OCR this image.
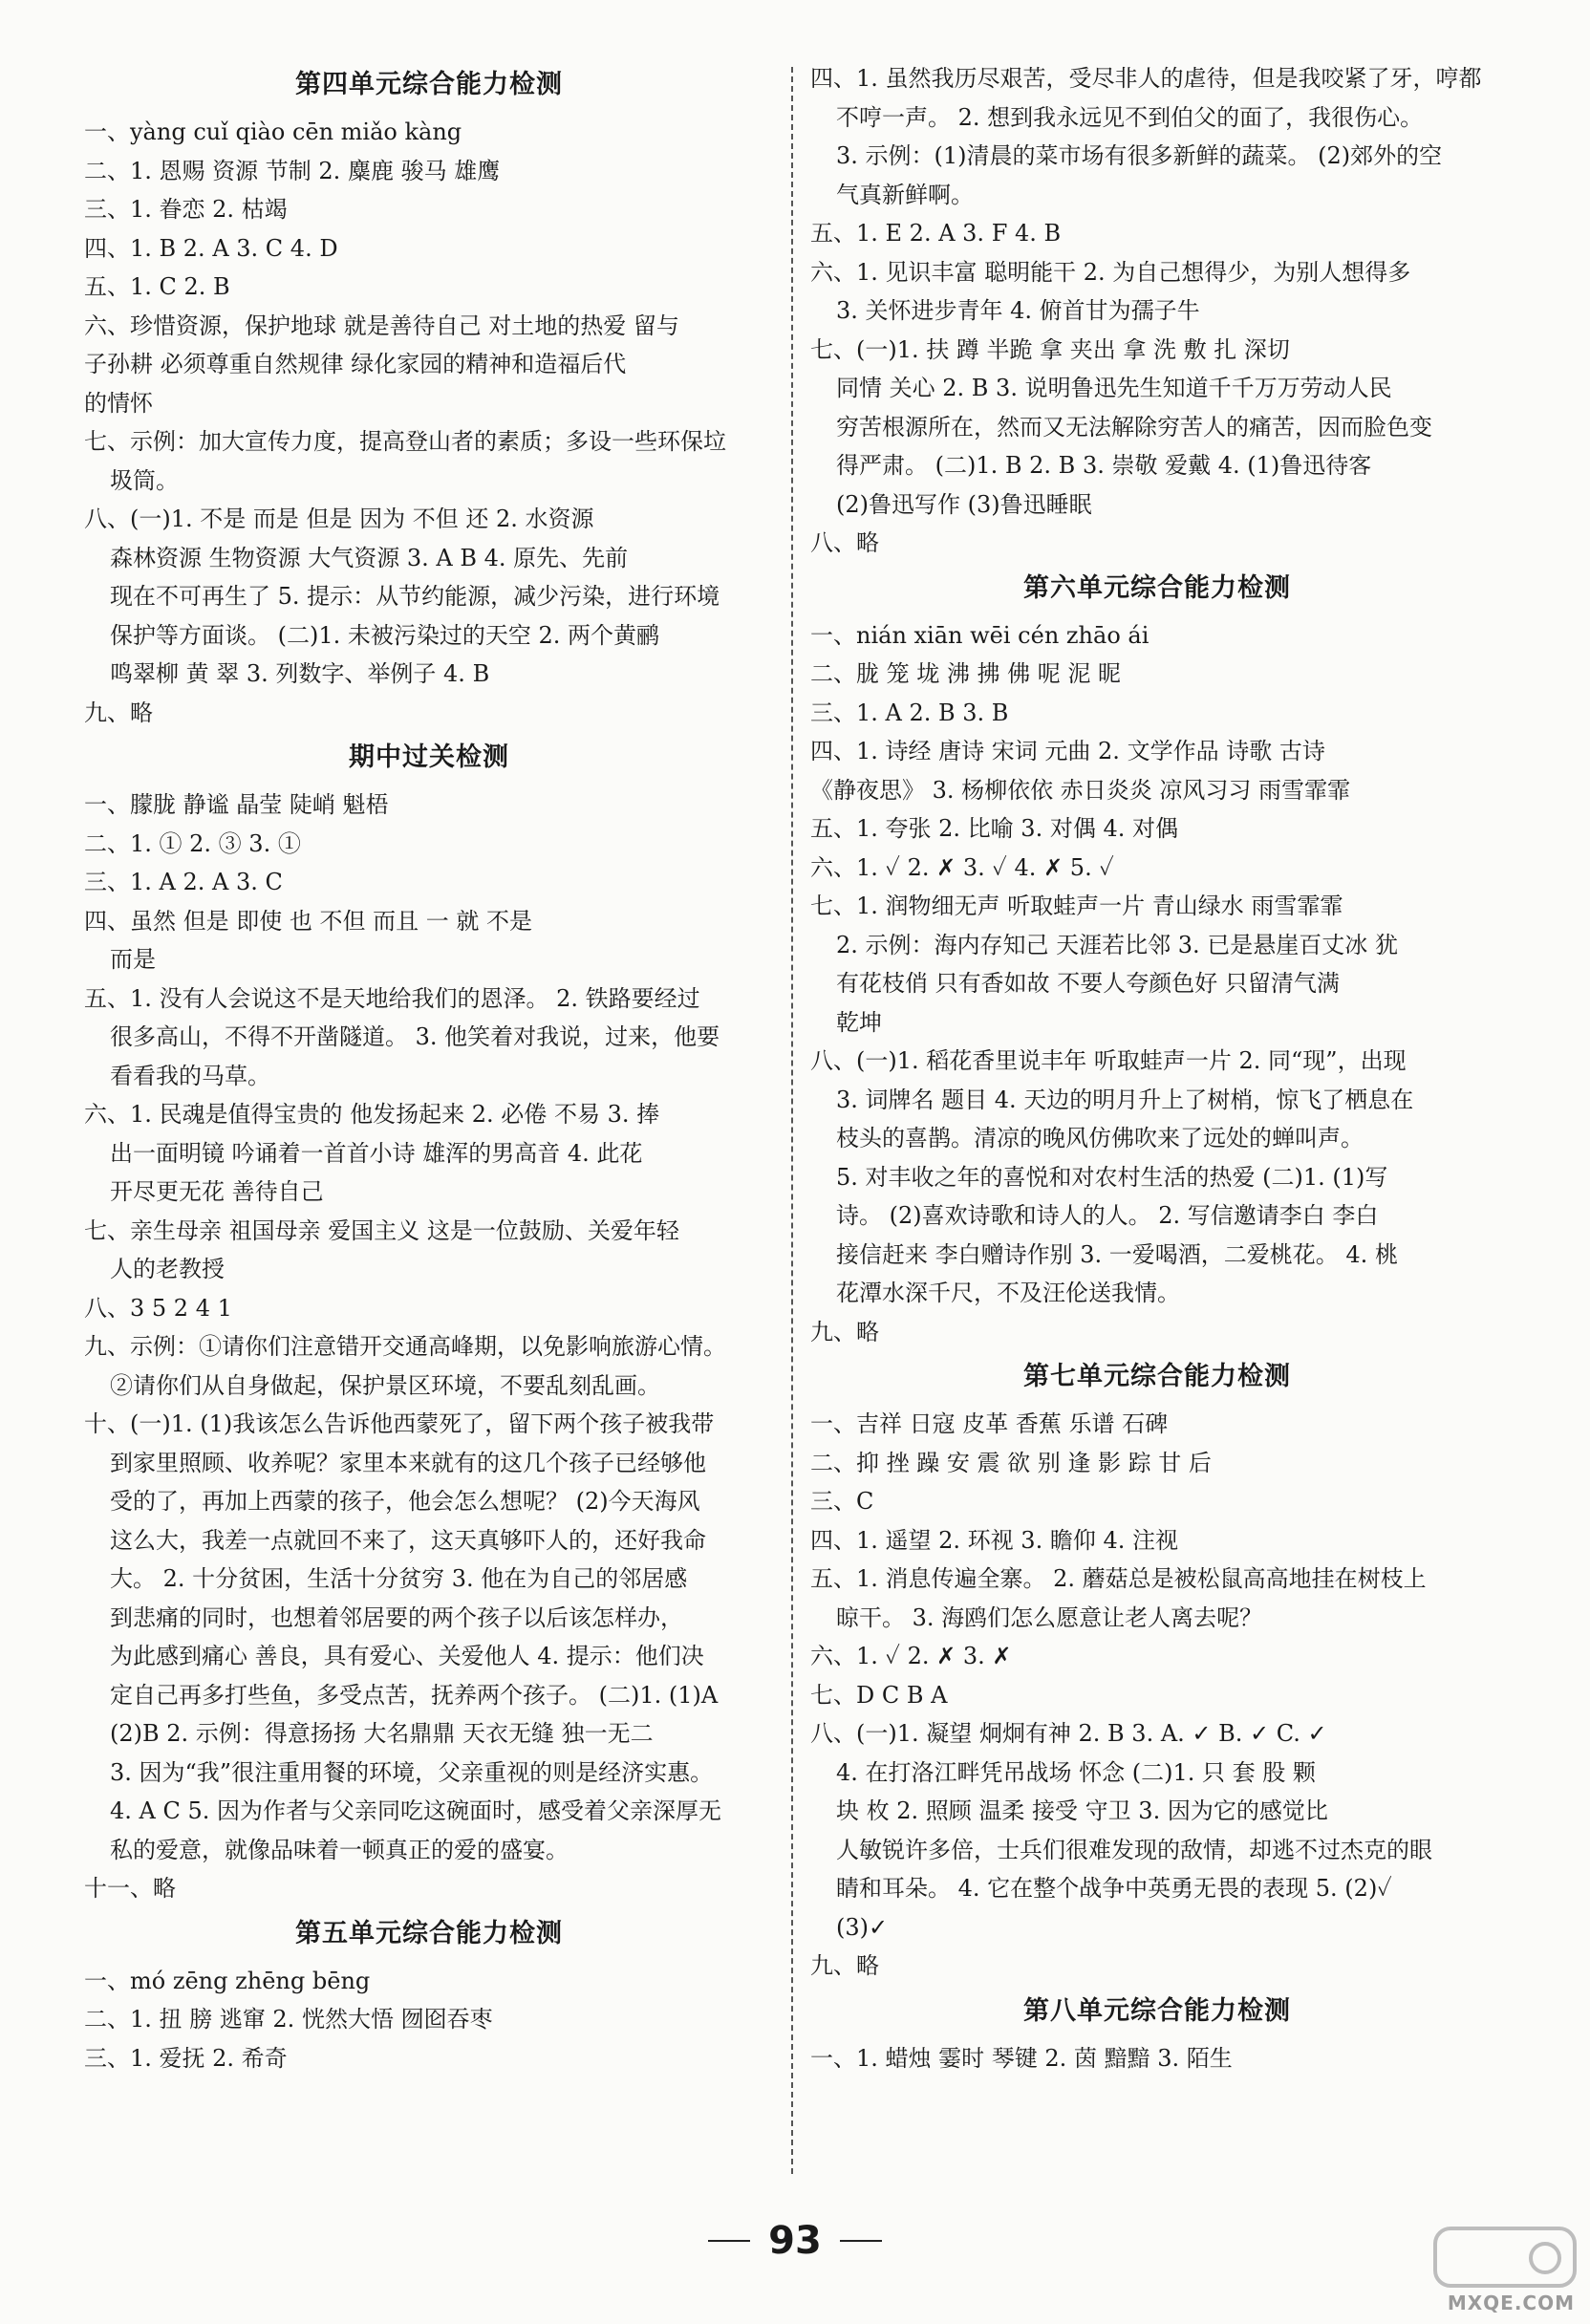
第四单元综合能力检测
一、yàng cuǐ qiào cēn miǎo kàng
二、1. 恩赐 资源 节制 2. 麋鹿 骏马 雄鹰
三、1. 眷恋 2. 枯竭
四、1. B 2. A 3. C 4. D
五、1. C 2. B
六、珍惜资源，保护地球 就是善待自己 对土地的热爱 留与
子孙耕 必须尊重自然规律 绿化家园的精神和造福后代
的情怀
七、示例：加大宣传力度，提高登山者的素质；多设一些环保垃
圾筒。
八、(一)1. 不是 而是 但是 因为 不但 还 2. 水资源
森林资源 生物资源 大气资源 3. A B 4. 原先、先前
现在不可再生了 5. 提示：从节约能源，减少污染，进行环境
保护等方面谈。 (二)1. 未被污染过的天空 2. 两个黄鹂
鸣翠柳 黄 翠 3. 列数字、举例子 4. B
九、略
期中过关检测
一、朦胧 静谧 晶莹 陡峭 魁梧
二、1. ① 2. ③ 3. ①
三、1. A 2. A 3. C
四、虽然 但是 即使 也 不但 而且 一 就 不是
而是
五、1. 没有人会说这不是天地给我们的恩泽。 2. 铁路要经过
很多高山，不得不开凿隧道。 3. 他笑着对我说，过来，他要
看看我的马草。
六、1. 民魂是值得宝贵的 他发扬起来 2. 必倦 不易 3. 捧
出一面明镜 吟诵着一首首小诗 雄浑的男高音 4. 此花
开尽更无花 善待自己
七、亲生母亲 祖国母亲 爱国主义 这是一位鼓励、关爱年轻
人的老教授
八、3 5 2 4 1
九、示例：①请你们注意错开交通高峰期，以免影响旅游心情。
②请你们从自身做起，保护景区环境，不要乱刻乱画。
十、(一)1. (1)我该怎么告诉他西蒙死了，留下两个孩子被我带
到家里照顾、收养呢？家里本来就有的这几个孩子已经够他
受的了，再加上西蒙的孩子，他会怎么想呢？ (2)今天海风
这么大，我差一点就回不来了，这天真够吓人的，还好我命
大。 2. 十分贫困，生活十分贫穷 3. 他在为自己的邻居感
到悲痛的同时，也想着邻居要的两个孩子以后该怎样办，
为此感到痛心 善良，具有爱心、关爱他人 4. 提示：他们决
定自己再多打些鱼，多受点苦，抚养两个孩子。 (二)1. (1)A
(2)B 2. 示例：得意扬扬 大名鼎鼎 天衣无缝 独一无二
3. 因为“我”很注重用餐的环境，父亲重视的则是经济实惠。
4. A C 5. 因为作者与父亲同吃这碗面时，感受着父亲深厚无
私的爱意，就像品味着一顿真正的爱的盛宴。
十一、略
第五单元综合能力检测
一、mó zēng zhēng bēng
二、1. 扭 膀 逃窜 2. 恍然大悟 囫囵吞枣
三、1. 爱抚 2. 希奇
四、1. 虽然我历尽艰苦，受尽非人的虐待，但是我咬紧了牙，哼都
不哼一声。 2. 想到我永远见不到伯父的面了，我很伤心。
3. 示例：(1)清晨的菜市场有很多新鲜的蔬菜。 (2)郊外的空
气真新鲜啊。
五、1. E 2. A 3. F 4. B
六、1. 见识丰富 聪明能干 2. 为自己想得少，为别人想得多
3. 关怀进步青年 4. 俯首甘为孺子牛
七、(一)1. 扶 蹲 半跪 拿 夹出 拿 洗 敷 扎 深切
同情 关心 2. B 3. 说明鲁迅先生知道千千万万劳动人民
穷苦根源所在，然而又无法解除穷苦人的痛苦，因而脸色变
得严肃。 (二)1. B 2. B 3. 崇敬 爱戴 4. (1)鲁迅待客
(2)鲁迅写作 (3)鲁迅睡眠
八、略
第六单元综合能力检测
一、nián xiān wēi cén zhāo ái
二、胧 笼 垅 沸 拂 佛 呢 泥 昵
三、1. A 2. B 3. B
四、1. 诗经 唐诗 宋词 元曲 2. 文学作品 诗歌 古诗
《静夜思》 3. 杨柳依依 赤日炎炎 凉风习习 雨雪霏霏
五、1. 夸张 2. 比喻 3. 对偶 4. 对偶
六、1. ✓ 2. ✗ 3. ✓ 4. ✗ 5. ✓
七、1. 润物细无声 听取蛙声一片 青山绿水 雨雪霏霏
2. 示例：海内存知己 天涯若比邻 3. 已是悬崖百丈冰 犹
有花枝俏 只有香如故 不要人夸颜色好 只留清气满
乾坤
八、(一)1. 稻花香里说丰年 听取蛙声一片 2. 同“现”，出现
3. 词牌名 题目 4. 天边的明月升上了树梢，惊飞了栖息在
枝头的喜鹊。清凉的晚风仿佛吹来了远处的蝉叫声。
5. 对丰收之年的喜悦和对农村生活的热爱 (二)1. (1)写
诗。 (2)喜欢诗歌和诗人的人。 2. 写信邀请李白 李白
接信赶来 李白赠诗作别 3. 一爱喝酒，二爱桃花。 4. 桃
花潭水深千尺，不及汪伦送我情。
九、略
第七单元综合能力检测
一、吉祥 日寇 皮革 香蕉 乐谱 石碑
二、抑 挫 躁 安 震 欲 别 逢 影 踪 甘 后
三、C
四、1. 遥望 2. 环视 3. 瞻仰 4. 注视
五、1. 消息传遍全寨。 2. 蘑菇总是被松鼠高高地挂在树枝上
晾干。 3. 海鸥们怎么愿意让老人离去呢？
六、1. ✓ 2. ✗ 3. ✗
七、D C B A
八、(一)1. 凝望 炯炯有神 2. B 3. A. ✓ B. ✓ C. ✓
4. 在打洛江畔凭吊战场 怀念 (二)1. 只 套 股 颗
块 枚 2. 照顾 温柔 接受 守卫 3. 因为它的感觉比
人敏锐许多倍，士兵们很难发现的敌情，却逃不过杰克的眼
睛和耳朵。 4. 它在整个战争中英勇无畏的表现 5. (2)✓
(3)✓
九、略
第八单元综合能力检测
一、1. 蜡烛 霎时 琴键 2. 茵 黯黯 3. 陌生
93
MXQE.COM
